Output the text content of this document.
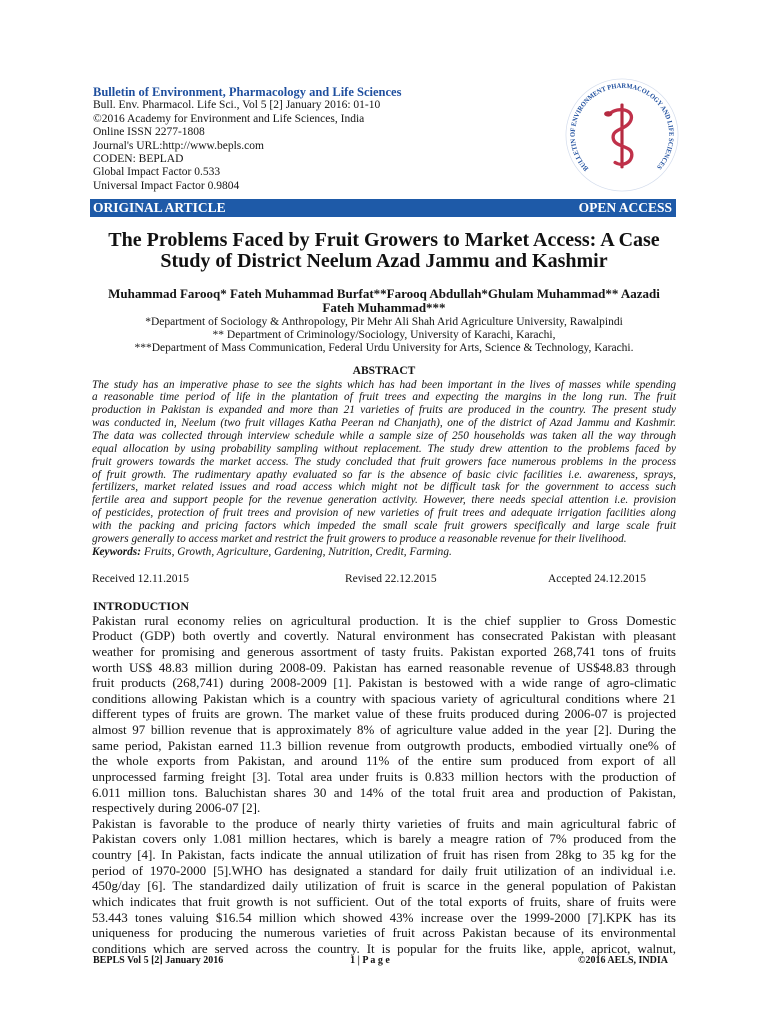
Bulletin of Environment, Pharmacology and Life Sciences
Bull. Env. Pharmacol. Life Sci., Vol 5 [2] January 2016: 01-10
©2016 Academy for Environment and Life Sciences, India
Online ISSN 2277-1808
Journal's URL:http://www.bepls.com
CODEN: BEPLAD
Global Impact Factor 0.533
Universal Impact Factor 0.9804
BULLETIN OF ENVIRONMENT PHARMACOLOGY AND LIFE SCIENCES
ORIGINAL ARTICLE	OPEN ACCESS
The Problems Faced by Fruit Growers to Market Access: A Case
Study of District Neelum Azad Jammu and Kashmir
Muhammad Farooq* Fateh Muhammad Burfat**Farooq Abdullah*Ghulam Muhammad** Aazadi
Fateh Muhammad***
*Department of Sociology & Anthropology, Pir Mehr Ali Shah Arid Agriculture University, Rawalpindi
** Department of Criminology/Sociology, University of Karachi, Karachi,
***Department of Mass Communication, Federal Urdu University for Arts, Science & Technology, Karachi.
ABSTRACT
The study has an imperative phase to see the sights which has had been important in the lives of masses while spending
a reasonable time period of life in the plantation of fruit trees and expecting the margins in the long run. The fruit
production in Pakistan is expanded and more than 21 varieties of fruits are produced in the country. The present study
was conducted in, Neelum (two fruit villages Katha Peeran nd Chanjath), one of the district of Azad Jammu and Kashmir.
The data was collected through interview schedule while a sample size of 250 households was taken all the way through
equal allocation by using probability sampling without replacement. The study drew attention to the problems faced by
fruit growers towards the market access. The study concluded that fruit growers face numerous problems in the process
of fruit growth. The rudimentary apathy evaluated so far is the absence of basic civic facilities i.e. awareness, sprays,
fertilizers, market related issues and road access which might not be difficult task for the government to access such
fertile area and support people for the revenue generation activity. However, there needs special attention i.e. provision
of pesticides, protection of fruit trees and provision of new varieties of fruit trees and adequate irrigation facilities along
with the packing and pricing factors which impeded the small scale fruit growers specifically and large scale fruit
growers generally to access market and restrict the fruit growers to produce a reasonable revenue for their livelihood.
Keywords: Fruits, Growth, Agriculture, Gardening, Nutrition, Credit, Farming.
Received 12.11.2015	Revised 22.12.2015	Accepted 24.12.2015
INTRODUCTION
Pakistan rural economy relies on agricultural production. It is the chief supplier to Gross Domestic
Product (GDP) both overtly and covertly. Natural environment has consecrated Pakistan with pleasant
weather for promising and generous assortment of tasty fruits. Pakistan exported 268,741 tons of fruits
worth US$ 48.83 million during 2008-09. Pakistan has earned reasonable revenue of US$48.83 through
fruit products (268,741) during 2008-2009 [1]. Pakistan is bestowed with a wide range of agro-climatic
conditions allowing Pakistan which is a country with spacious variety of agricultural conditions where 21
different types of fruits are grown. The market value of these fruits produced during 2006-07 is projected
almost 97 billion revenue that is approximately 8% of agriculture value added in the year [2]. During the
same period, Pakistan earned 11.3 billion revenue from outgrowth products, embodied virtually one% of
the whole exports from Pakistan, and around 11% of the entire sum produced from export of all
unprocessed farming freight [3]. Total area under fruits is 0.833 million hectors with the production of
6.011 million tons. Baluchistan shares 30 and 14% of the total fruit area and production of Pakistan,
respectively during 2006-07 [2].
Pakistan is favorable to the produce of nearly thirty varieties of fruits and main agricultural fabric of
Pakistan covers only 1.081 million hectares, which is barely a meagre ration of 7% produced from the
country [4]. In Pakistan, facts indicate the annual utilization of fruit has risen from 28kg to 35 kg for the
period of 1970-2000 [5].WHO has designated a standard for daily fruit utilization of an individual i.e.
450g/day [6]. The standardized daily utilization of fruit is scarce in the general population of Pakistan
which indicates that fruit growth is not sufficient. Out of the total exports of fruits, share of fruits were
53.443 tones valuing $16.54 million which showed 43% increase over the 1999-2000 [7].KPK has its
uniqueness for producing the numerous varieties of fruit across Pakistan because of its environmental
conditions which are served across the country. It is popular for the fruits like, apple, apricot, walnut,
BEPLS Vol 5 [2] January 2016	1 | P a g e	©2016 AELS, INDIA
